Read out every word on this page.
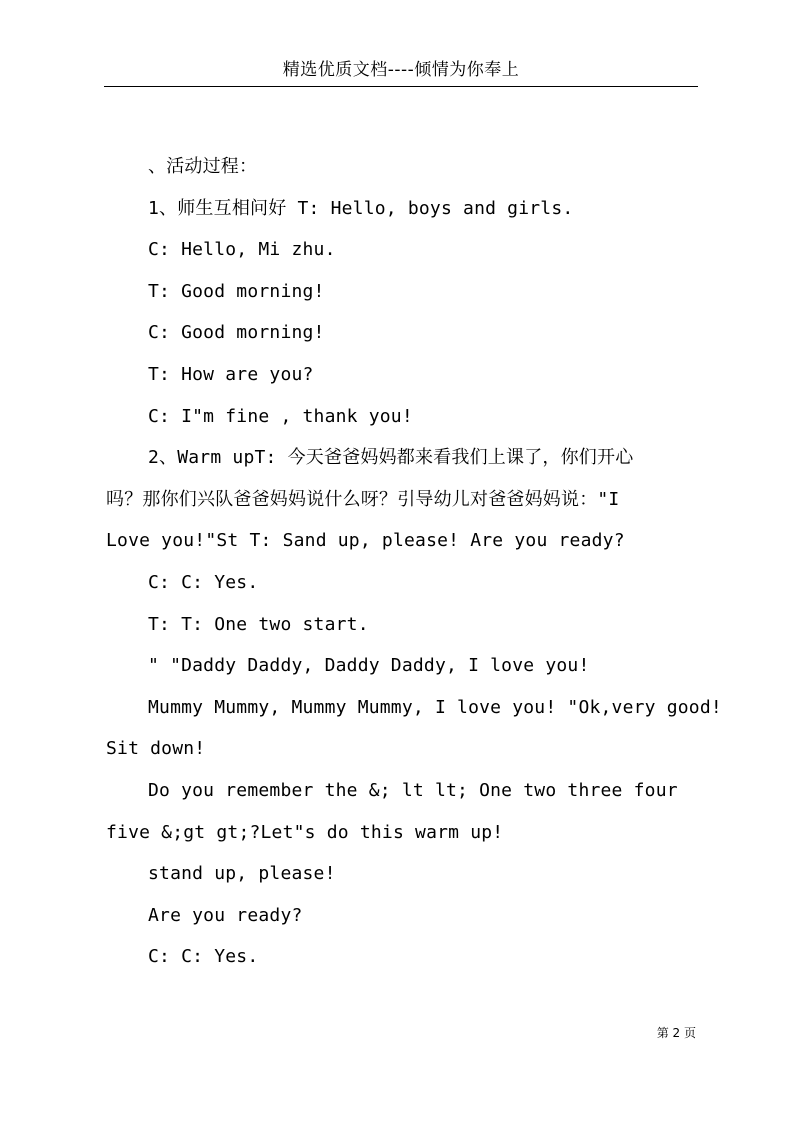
精选优质文档----倾情为你奉上

、活动过程：

1、师生互相问好 T: Hello, boys and girls.

C: Hello, Mi zhu.

T: Good morning!

C: Good morning!

T: How are you?

C: I"m fine , thank you!

2、Warm upT: 今天爸爸妈妈都来看我们上课了，你们开心

吗？那你们兴队爸爸妈妈说什么呀？引导幼儿对爸爸妈妈说："I

Love you!"St T: Sand up, please! Are you ready?

C: C: Yes.

T: T: One two start.

" "Daddy Daddy, Daddy Daddy, I love you!

Mummy Mummy, Mummy Mummy, I love you! "Ok,very good!

Sit down!

Do you remember the &; lt lt; One two three four

five &;gt gt;?Let"s do this warm up!

stand up, please!

Are you ready?

C: C: Yes.

第 2 页
